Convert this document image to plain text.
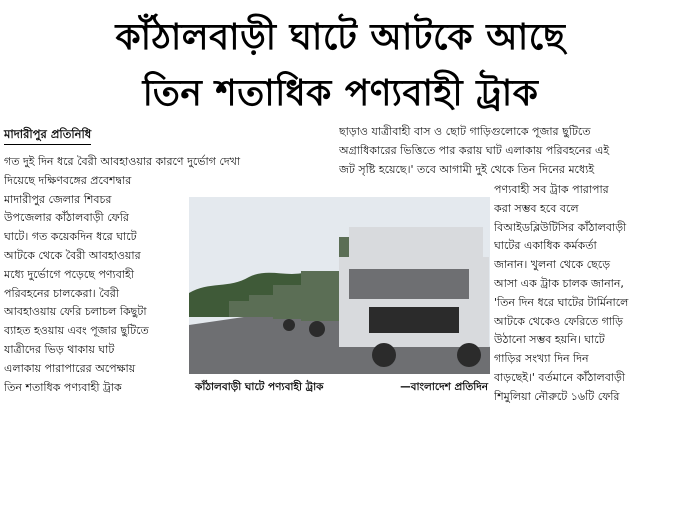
কাঁঠালবাড়ী ঘাটে আটকে আছে
তিন শতাধিক পণ্যবাহী ট্রাক
মাদারীপুর প্রতিনিধি
গত দুই দিন ধরে বৈরী আবহাওয়ার কারণে দুর্ভোগ দেখা
দিয়েছে দক্ষিণবঙ্গের প্রবেশদ্বার
মাদারীপুর জেলার শিবচর
উপজেলার কাঁঠালবাড়ী ফেরি
ঘাটে। গত কয়েকদিন ধরে ঘাটে
আটকে থেকে বৈরী আবহাওয়ার
মধ্যে দুর্ভোগে পড়েছে পণ্যবাহী
পরিবহনের চালকেরা। বৈরী
আবহাওয়ায় ফেরি চলাচল কিছুটা
ব্যাহত হওয়ায় এবং পূজার ছুটিতে
যাত্রীদের ভিড় থাকায় ঘাট
এলাকায় পারাপারের অপেক্ষায়
তিন শতাধিক পণ্যবাহী ট্রাক
ছাড়াও যাত্রীবাহী বাস ও ছোট গাড়িগুলোকে পূজার ছুটিতে
অগ্রাধিকারের ভিত্তিতে পার করায় ঘাট এলাকায় পরিবহনের এই
জট সৃষ্টি হয়েছে।' তবে আগামী দুই থেকে তিন দিনের মধ্যেই
পণ্যবাহী সব ট্রাক পারাপার
করা সম্ভব হবে বলে
বিআইডব্লিউটিসির কাঁঠালবাড়ী
ঘাটের একাধিক কর্মকর্তা
জানান। খুলনা থেকে ছেড়ে
আসা এক ট্রাক চালক জানান,
'তিন দিন ধরে ঘাটের টার্মিনালে
আটকে থেকেও ফেরিতে গাড়ি
উঠানো সম্ভব হয়নি। ঘাটে
গাড়ির সংখ্যা দিন দিন
বাড়ছেই।' বর্তমানে কাঁঠালবাড়ী
শিমুলিয়া নৌরুটে ১৬টি ফেরি
কাঁঠালবাড়ী ঘাটে পণ্যবাহী ট্রাক	—বাংলাদেশ প্রতিদিন
